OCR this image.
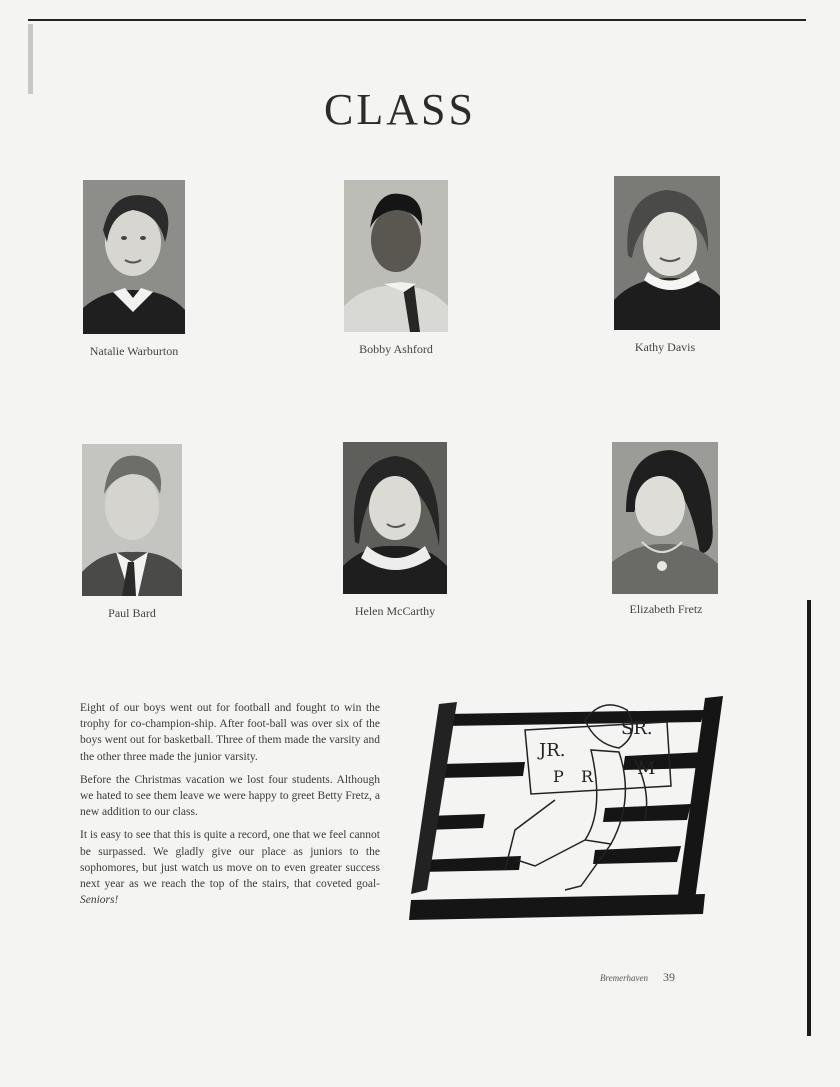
CLASS
Natalie Warburton	Bobby Ashford	Kathy Davis
Paul Bard	Helen McCarthy	Elizabeth Fretz

Eight of our boys went out for football and fought to win the trophy for co-champion-ship. After foot-ball was over six of the boys went out for basketball. Three of them made the varsity and the other three made the junior varsity.

Before the Christmas vacation we lost four students. Although we hated to see them leave we were happy to greet Betty Fretz, a new addition to our class.

It is easy to see that this is quite a record, one that we feel cannot be surpassed. We gladly give our place as juniors to the sophomores, but just watch us move on to even greater success next year as we reach the top of the stairs, that coveted goal-Seniors!

JR.
SR.
P R M
Bremerhaven 39
